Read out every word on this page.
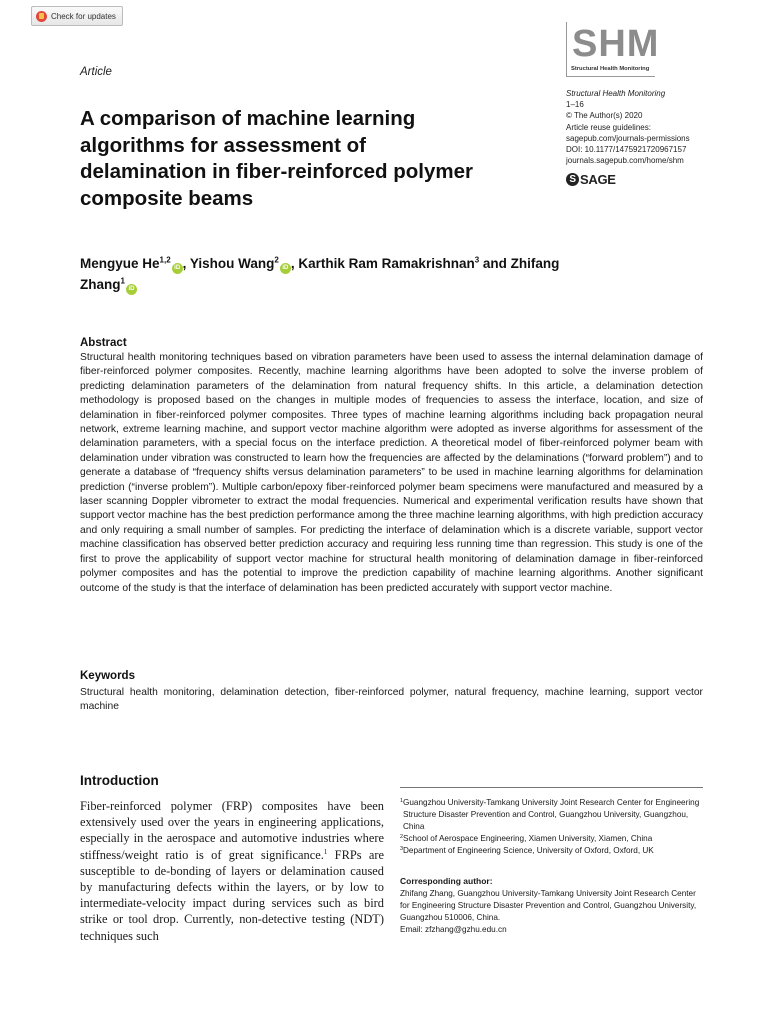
Check for updates
Article
SHM
Structural Health Monitoring
Structural Health Monitoring
1–16
© The Author(s) 2020
Article reuse guidelines:
sagepub.com/journals-permissions
DOI: 10.1177/1475921720967157
journals.sagepub.com/home/shm
S SAGE
A comparison of machine learning algorithms for assessment of delamination in fiber-reinforced polymer composite beams
Mengyue He$^{1,2}$iD , Yishou Wang$^2$iD , Karthik Ram Ramakrishnan$^3$ and Zhifang Zhang$^1$iD
Abstract
Structural health monitoring techniques based on vibration parameters have been used to assess the internal delamination damage of fiber-reinforced polymer composites. Recently, machine learning algorithms have been adopted to solve the inverse problem of predicting delamination parameters of the delamination from natural frequency shifts. In this article, a delamination detection methodology is proposed based on the changes in multiple modes of frequencies to assess the interface, location, and size of delamination in fiber-reinforced polymer composites. Three types of machine learning algorithms including back propagation neural network, extreme learning machine, and support vector machine algorithm were adopted as inverse algorithms for assessment of the delamination parameters, with a special focus on the interface prediction. A theoretical model of fiber-reinforced polymer beam with delamination under vibration was constructed to learn how the frequencies are affected by the delaminations (“forward problem”) and to generate a database of “frequency shifts versus delamination parameters” to be used in machine learning algorithms for delamination prediction (“inverse problem”). Multiple carbon/epoxy fiber-reinforced polymer beam specimens were manufactured and measured by a laser scanning Doppler vibrometer to extract the modal frequencies. Numerical and experimental verification results have shown that support vector machine has the best prediction performance among the three machine learning algorithms, with high prediction accuracy and only requiring a small number of samples. For predicting the interface of delamination which is a discrete variable, support vector machine classification has observed better prediction accuracy and requiring less running time than regression. This study is one of the first to prove the applicability of support vector machine for structural health monitoring of delamination damage in fiber-reinforced polymer composites and has the potential to improve the prediction capability of machine learning algorithms. Another significant outcome of the study is that the interface of delamination has been predicted accurately with support vector machine.
Keywords
Structural health monitoring, delamination detection, fiber-reinforced polymer, natural frequency, machine learning, support vector machine
Introduction
Fiber-reinforced polymer (FRP) composites have been extensively used over the years in engineering applications, especially in the aerospace and automotive industries where stiffness/weight ratio is of great significance.$^1$ FRPs are susceptible to de-bonding of layers or delamination caused by manufacturing defects within the layers, or by low to intermediate-velocity impact during services such as bird strike or tool drop. Currently, non-detective testing (NDT) techniques such
1 Guangzhou University-Tamkang University Joint Research Center for Engineering Structure Disaster Prevention and Control, Guangzhou University, Guangzhou, China
2 School of Aerospace Engineering, Xiamen University, Xiamen, China
3 Department of Engineering Science, University of Oxford, Oxford, UK
Corresponding author:
Zhifang Zhang, Guangzhou University-Tamkang University Joint Research Center for Engineering Structure Disaster Prevention and Control, Guangzhou University, Guangzhou 510006, China.
Email: zfzhang@gzhu.edu.cn
